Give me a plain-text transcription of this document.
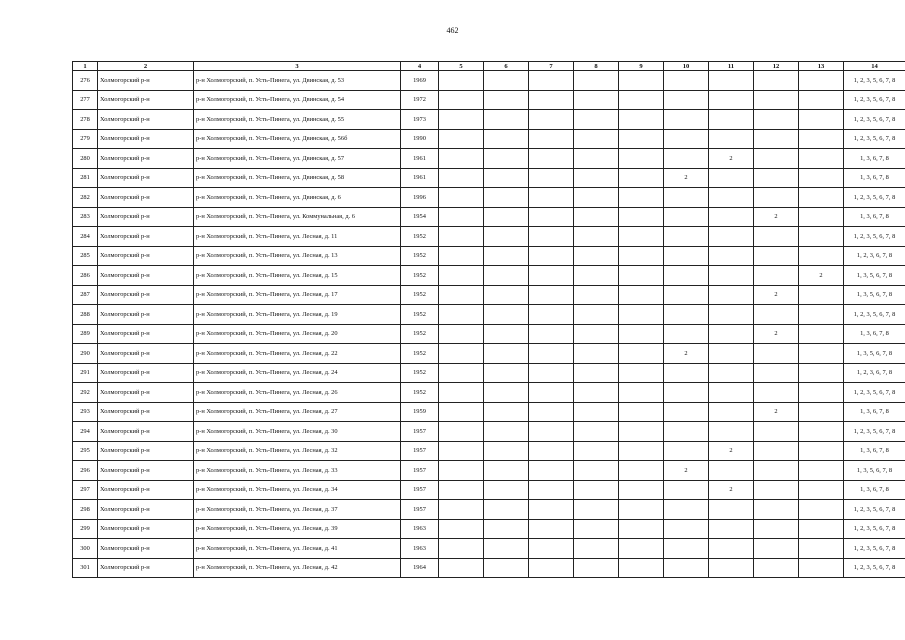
462
1	2	3	4	5	6	7	8	9	10	11	12	13	14
276	Холмогорский р-н	р-н Холмогорский, п. Усть-Пинега, ул. Двинская, д. 53	1969										1, 2, 3, 5, 6, 7, 8
277	Холмогорский р-н	р-н Холмогорский, п. Усть-Пинега, ул. Двинская, д. 54	1972										1, 2, 3, 5, 6, 7, 8
278	Холмогорский р-н	р-н Холмогорский, п. Усть-Пинега, ул. Двинская, д. 55	1973										1, 2, 3, 5, 6, 7, 8
279	Холмогорский р-н	р-н Холмогорский, п. Усть-Пинега, ул. Двинская, д. 56б	1990										1, 2, 3, 5, 6, 7, 8
280	Холмогорский р-н	р-н Холмогорский, п. Усть-Пинега, ул. Двинская, д. 57	1961							2			1, 3, 6, 7, 8
281	Холмогорский р-н	р-н Холмогорский, п. Усть-Пинега, ул. Двинская, д. 58	1961						2				1, 3, 6, 7, 8
282	Холмогорский р-н	р-н Холмогорский, п. Усть-Пинега, ул. Двинская, д. 6	1996										1, 2, 3, 5, 6, 7, 8
283	Холмогорский р-н	р-н Холмогорский, п. Усть-Пинега, ул. Коммунальная, д. 6	1954								2		1, 3, 6, 7, 8
284	Холмогорский р-н	р-н Холмогорский, п. Усть-Пинега, ул. Лесная, д. 11	1952										1, 2, 3, 5, 6, 7, 8
285	Холмогорский р-н	р-н Холмогорский, п. Усть-Пинега, ул. Лесная, д. 13	1952										1, 2, 3, 6, 7, 8
286	Холмогорский р-н	р-н Холмогорский, п. Усть-Пинега, ул. Лесная, д. 15	1952									2	1, 3, 5, 6, 7, 8
287	Холмогорский р-н	р-н Холмогорский, п. Усть-Пинега, ул. Лесная, д. 17	1952								2		1, 3, 5, 6, 7, 8
288	Холмогорский р-н	р-н Холмогорский, п. Усть-Пинега, ул. Лесная, д. 19	1952										1, 2, 3, 5, 6, 7, 8
289	Холмогорский р-н	р-н Холмогорский, п. Усть-Пинега, ул. Лесная, д. 20	1952								2		1, 3, 6, 7, 8
290	Холмогорский р-н	р-н Холмогорский, п. Усть-Пинега, ул. Лесная, д. 22	1952						2				1, 3, 5, 6, 7, 8
291	Холмогорский р-н	р-н Холмогорский, п. Усть-Пинега, ул. Лесная, д. 24	1952										1, 2, 3, 6, 7, 8
292	Холмогорский р-н	р-н Холмогорский, п. Усть-Пинега, ул. Лесная, д. 26	1952										1, 2, 3, 5, 6, 7, 8
293	Холмогорский р-н	р-н Холмогорский, п. Усть-Пинега, ул. Лесная, д. 27	1959								2		1, 3, 6, 7, 8
294	Холмогорский р-н	р-н Холмогорский, п. Усть-Пинега, ул. Лесная, д. 30	1957										1, 2, 3, 5, 6, 7, 8
295	Холмогорский р-н	р-н Холмогорский, п. Усть-Пинега, ул. Лесная, д. 32	1957							2			1, 3, 6, 7, 8
296	Холмогорский р-н	р-н Холмогорский, п. Усть-Пинега, ул. Лесная, д. 33	1957						2				1, 3, 5, 6, 7, 8
297	Холмогорский р-н	р-н Холмогорский, п. Усть-Пинега, ул. Лесная, д. 34	1957							2			1, 3, 6, 7, 8
298	Холмогорский р-н	р-н Холмогорский, п. Усть-Пинега, ул. Лесная, д. 37	1957										1, 2, 3, 5, 6, 7, 8
299	Холмогорский р-н	р-н Холмогорский, п. Усть-Пинега, ул. Лесная, д. 39	1963										1, 2, 3, 5, 6, 7, 8
300	Холмогорский р-н	р-н Холмогорский, п. Усть-Пинега, ул. Лесная, д. 41	1963										1, 2, 3, 5, 6, 7, 8
301	Холмогорский р-н	р-н Холмогорский, п. Усть-Пинега, ул. Лесная, д. 42	1964										1, 2, 3, 5, 6, 7, 8
